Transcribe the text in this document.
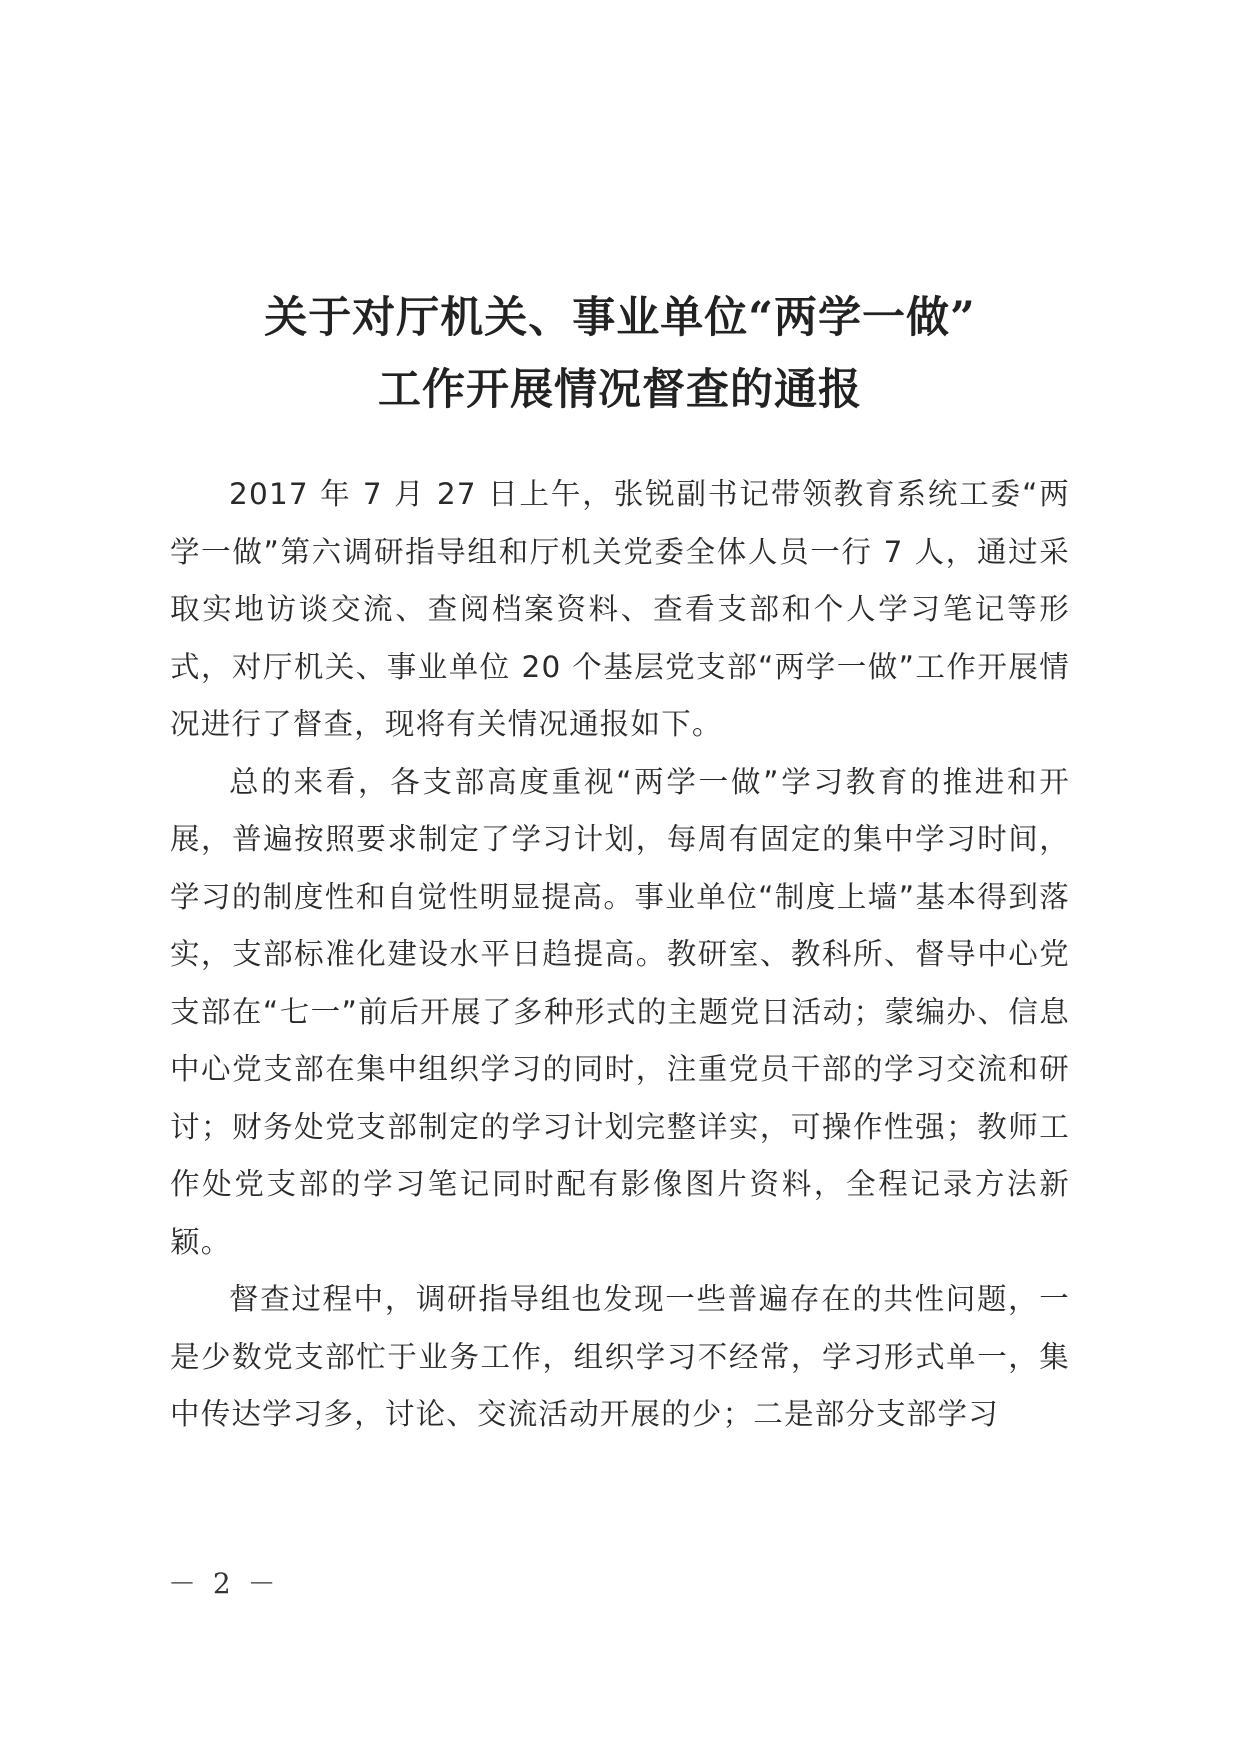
关于对厅机关、事业单位“两学一做”
工作开展情况督查的通报

2017 年 7 月 27 日上午，张锐副书记带领教育系统工委“两学一做”第六调研指导组和厅机关党委全体人员一行 7 人，通过采取实地访谈交流、查阅档案资料、查看支部和个人学习笔记等形式，对厅机关、事业单位 20 个基层党支部“两学一做”工作开展情况进行了督查，现将有关情况通报如下。

总的来看，各支部高度重视“两学一做”学习教育的推进和开展，普遍按照要求制定了学习计划，每周有固定的集中学习时间，学习的制度性和自觉性明显提高。事业单位“制度上墙”基本得到落实，支部标准化建设水平日趋提高。教研室、教科所、督导中心党支部在“七一”前后开展了多种形式的主题党日活动；蒙编办、信息中心党支部在集中组织学习的同时，注重党员干部的学习交流和研讨；财务处党支部制定的学习计划完整详实，可操作性强；教师工作处党支部的学习笔记同时配有影像图片资料，全程记录方法新颖。

督查过程中，调研指导组也发现一些普遍存在的共性问题，一是少数党支部忙于业务工作，组织学习不经常，学习形式单一，集中传达学习多，讨论、交流活动开展的少；二是部分支部学习

－ 2 －
